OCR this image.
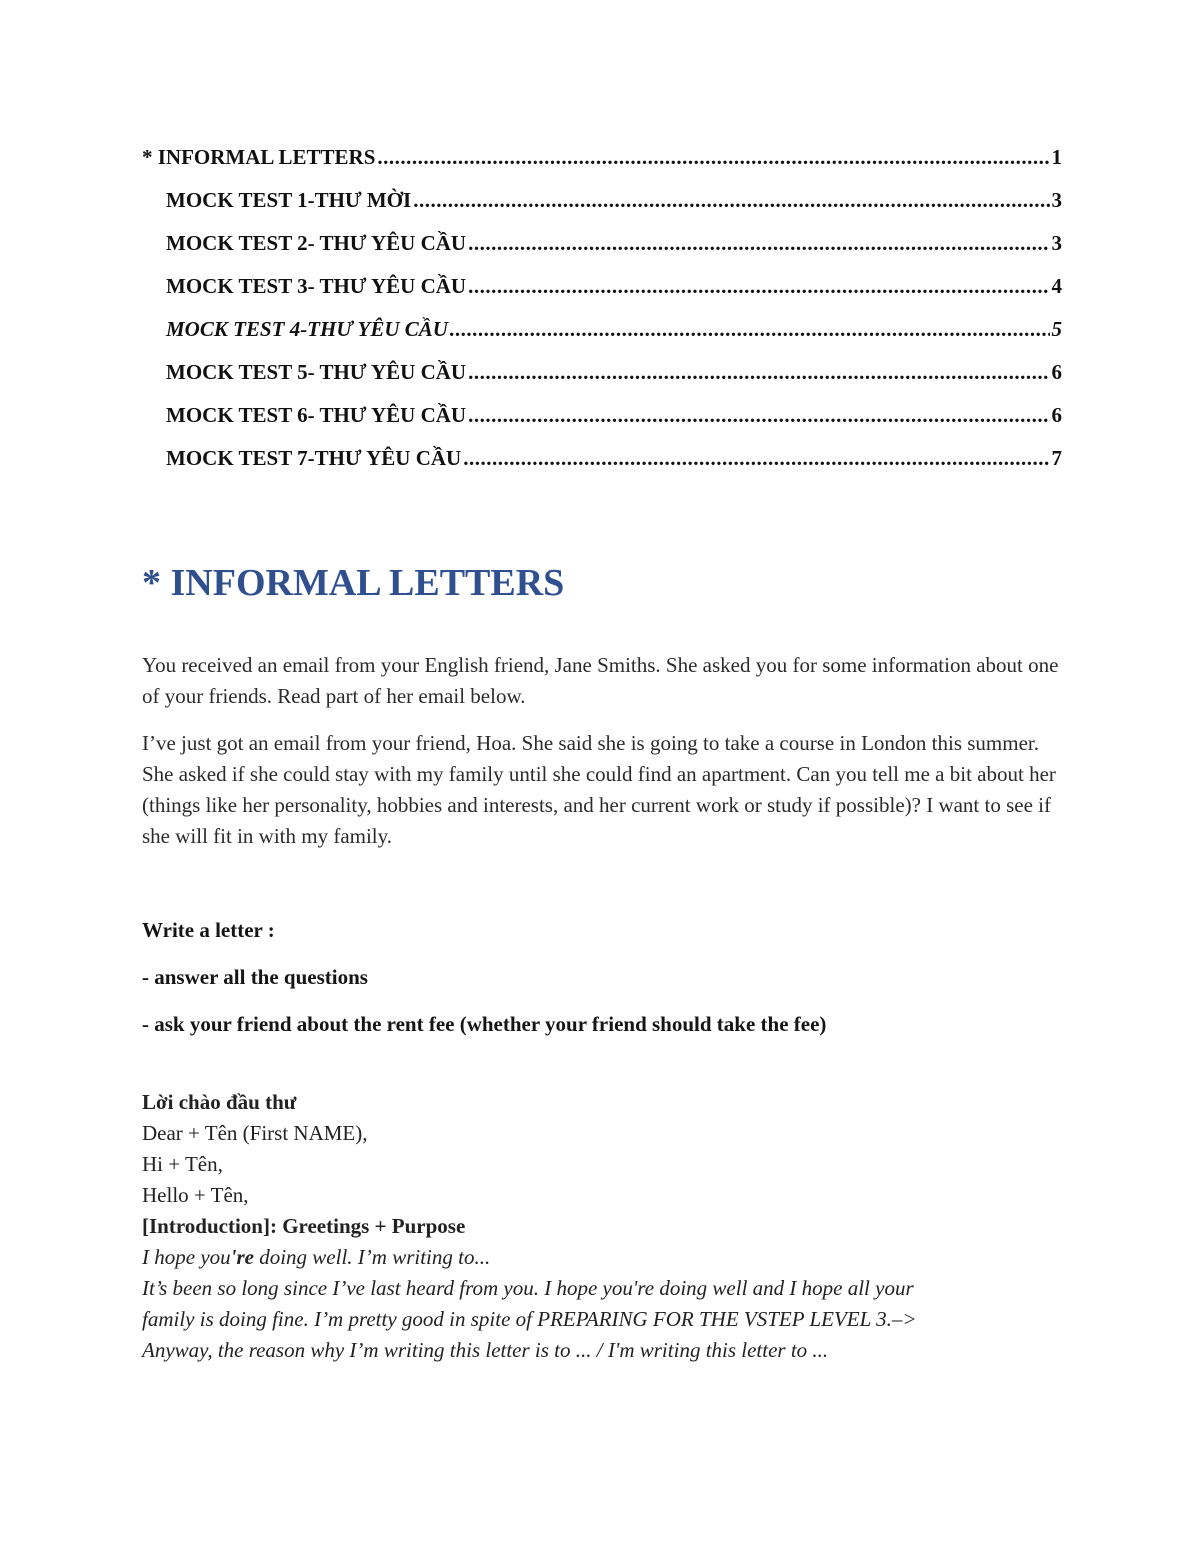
* INFORMAL LETTERS .....	1
MOCK TEST 1-THƯ MỜI .....	3
MOCK TEST 2- THƯ YÊU CẦU .....	3
MOCK TEST 3- THƯ YÊU CẦU .....	4
MOCK TEST 4-THƯ YÊU CẦU .....	5
MOCK TEST 5- THƯ YÊU CẦU .....	6
MOCK TEST 6- THƯ YÊU CẦU .....	6
MOCK TEST 7-THƯ YÊU CẦU .....	7
* INFORMAL LETTERS

You received an email from your English friend, Jane Smiths. She asked you for some information about one of your friends. Read part of her email below.

I’ve just got an email from your friend, Hoa. She said she is going to take a course in London this summer. She asked if she could stay with my family until she could find an apartment. Can you tell me a bit about her (things like her personality, hobbies and interests, and her current work or study if possible)? I want to see if she will fit in with my family.

Write a letter :

- answer all the questions

- ask your friend about the rent fee (whether your friend should take the fee)

Lời chào đầu thư
Dear + Tên (First NAME),
Hi + Tên,
Hello + Tên,
[Introduction]: Greetings + Purpose
I hope you're doing well. I’m writing to...
It’s been so long since I’ve last heard from you. I hope you're doing well and I hope all your
family is doing fine. I’m pretty good in spite of PREPARING FOR THE VSTEP LEVEL 3.–>
Anyway, the reason why I’m writing this letter is to ... / I'm writing this letter to ...
